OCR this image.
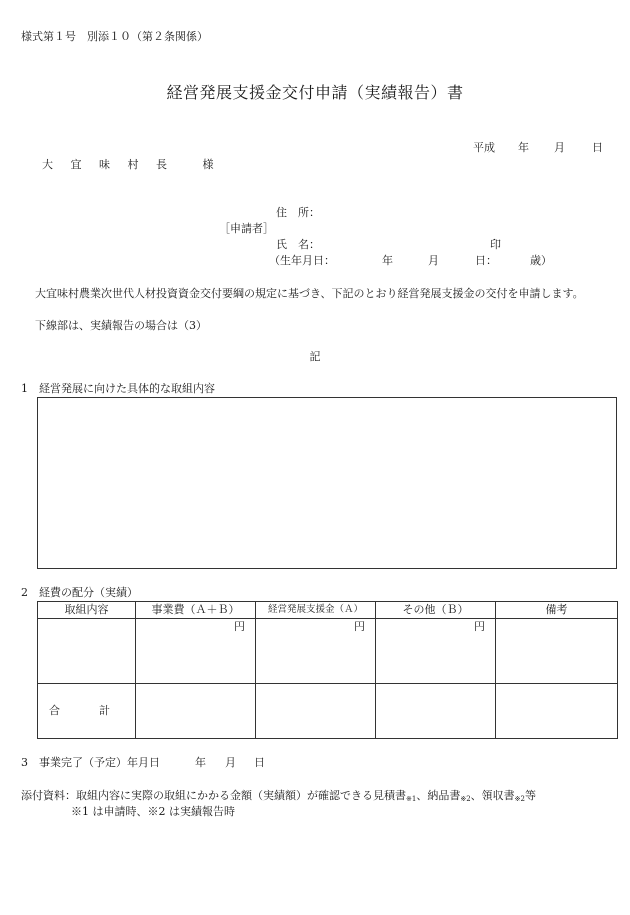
様式第１号　別添１０（第２条関係）
経営発展支援金交付申請（実績報告）書
平成 年 月 日
大 宜 味 村 長　 様
住　所：
［申請者］
氏　名：	印
（生年月日：	年	月	日：	歳）
大宜味村農業次世代人材投資資金交付要綱の規定に基づき、下記のとおり経営発展支援金の交付を申請します。
下線部は、実績報告の場合は（3）
記
1　経営発展に向けた具体的な取組内容
2　経費の配分（実績）
取組内容	事業費（Ａ＋Ｂ）	経営発展支援金（Ａ）	その他（Ｂ）	備考
	円	円	円	
合　計				
3　事業完了（予定）年月日	年 月 日
添付資料：取組内容に実際の取組にかかる金額（実績額）が確認できる見積書$_{※1}$、納品書$_{※2}$、領収書$_{※2}$等
※1 は申請時、※2 は実績報告時
